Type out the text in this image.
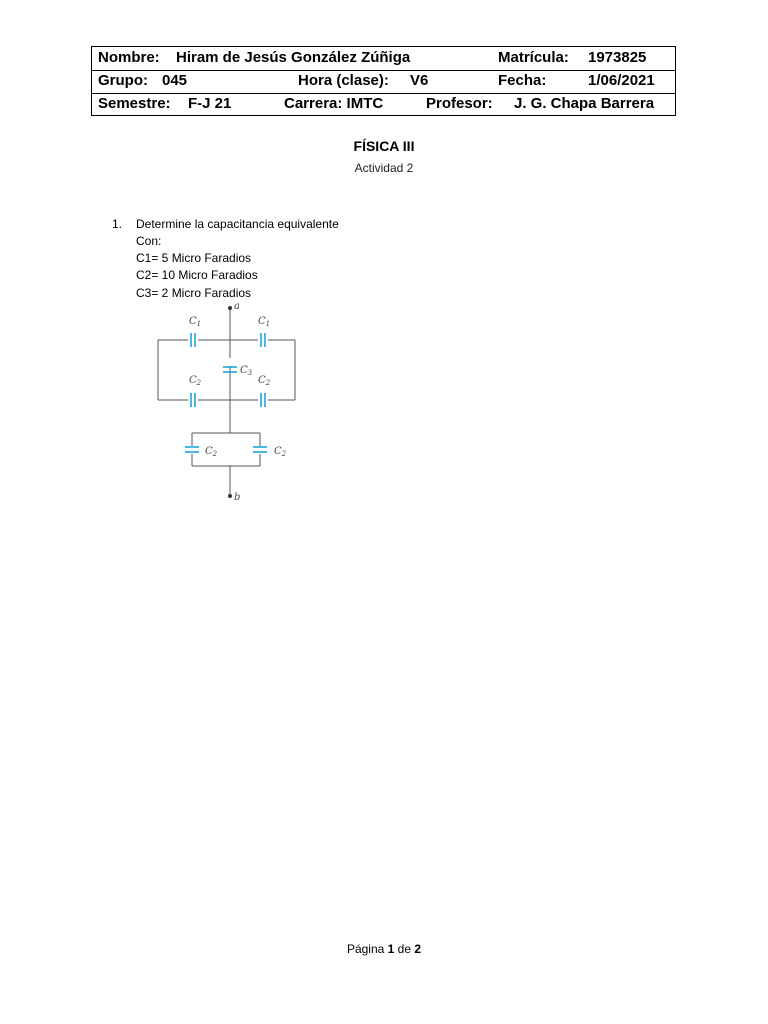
Nombre: Hiram de Jesús González Zúñiga	Matrícula: 1973825
Grupo: 045	Hora (clase): V6	Fecha:	1/06/2021
Semestre: F-J 21	Carrera: IMTC	Profesor: J. G. Chapa Barrera
FÍSICA III
Actividad 2
1. Determine la capacitancia equivalente
Con:
C1= 5 Micro Faradios
C2= 10 Micro Faradios
C3= 2 Micro Faradios
a
b
$C_1$	$C_1$
$C_3$
$C_2$	$C_2$
$C_2$	$C_2$
Página 1 de 2
